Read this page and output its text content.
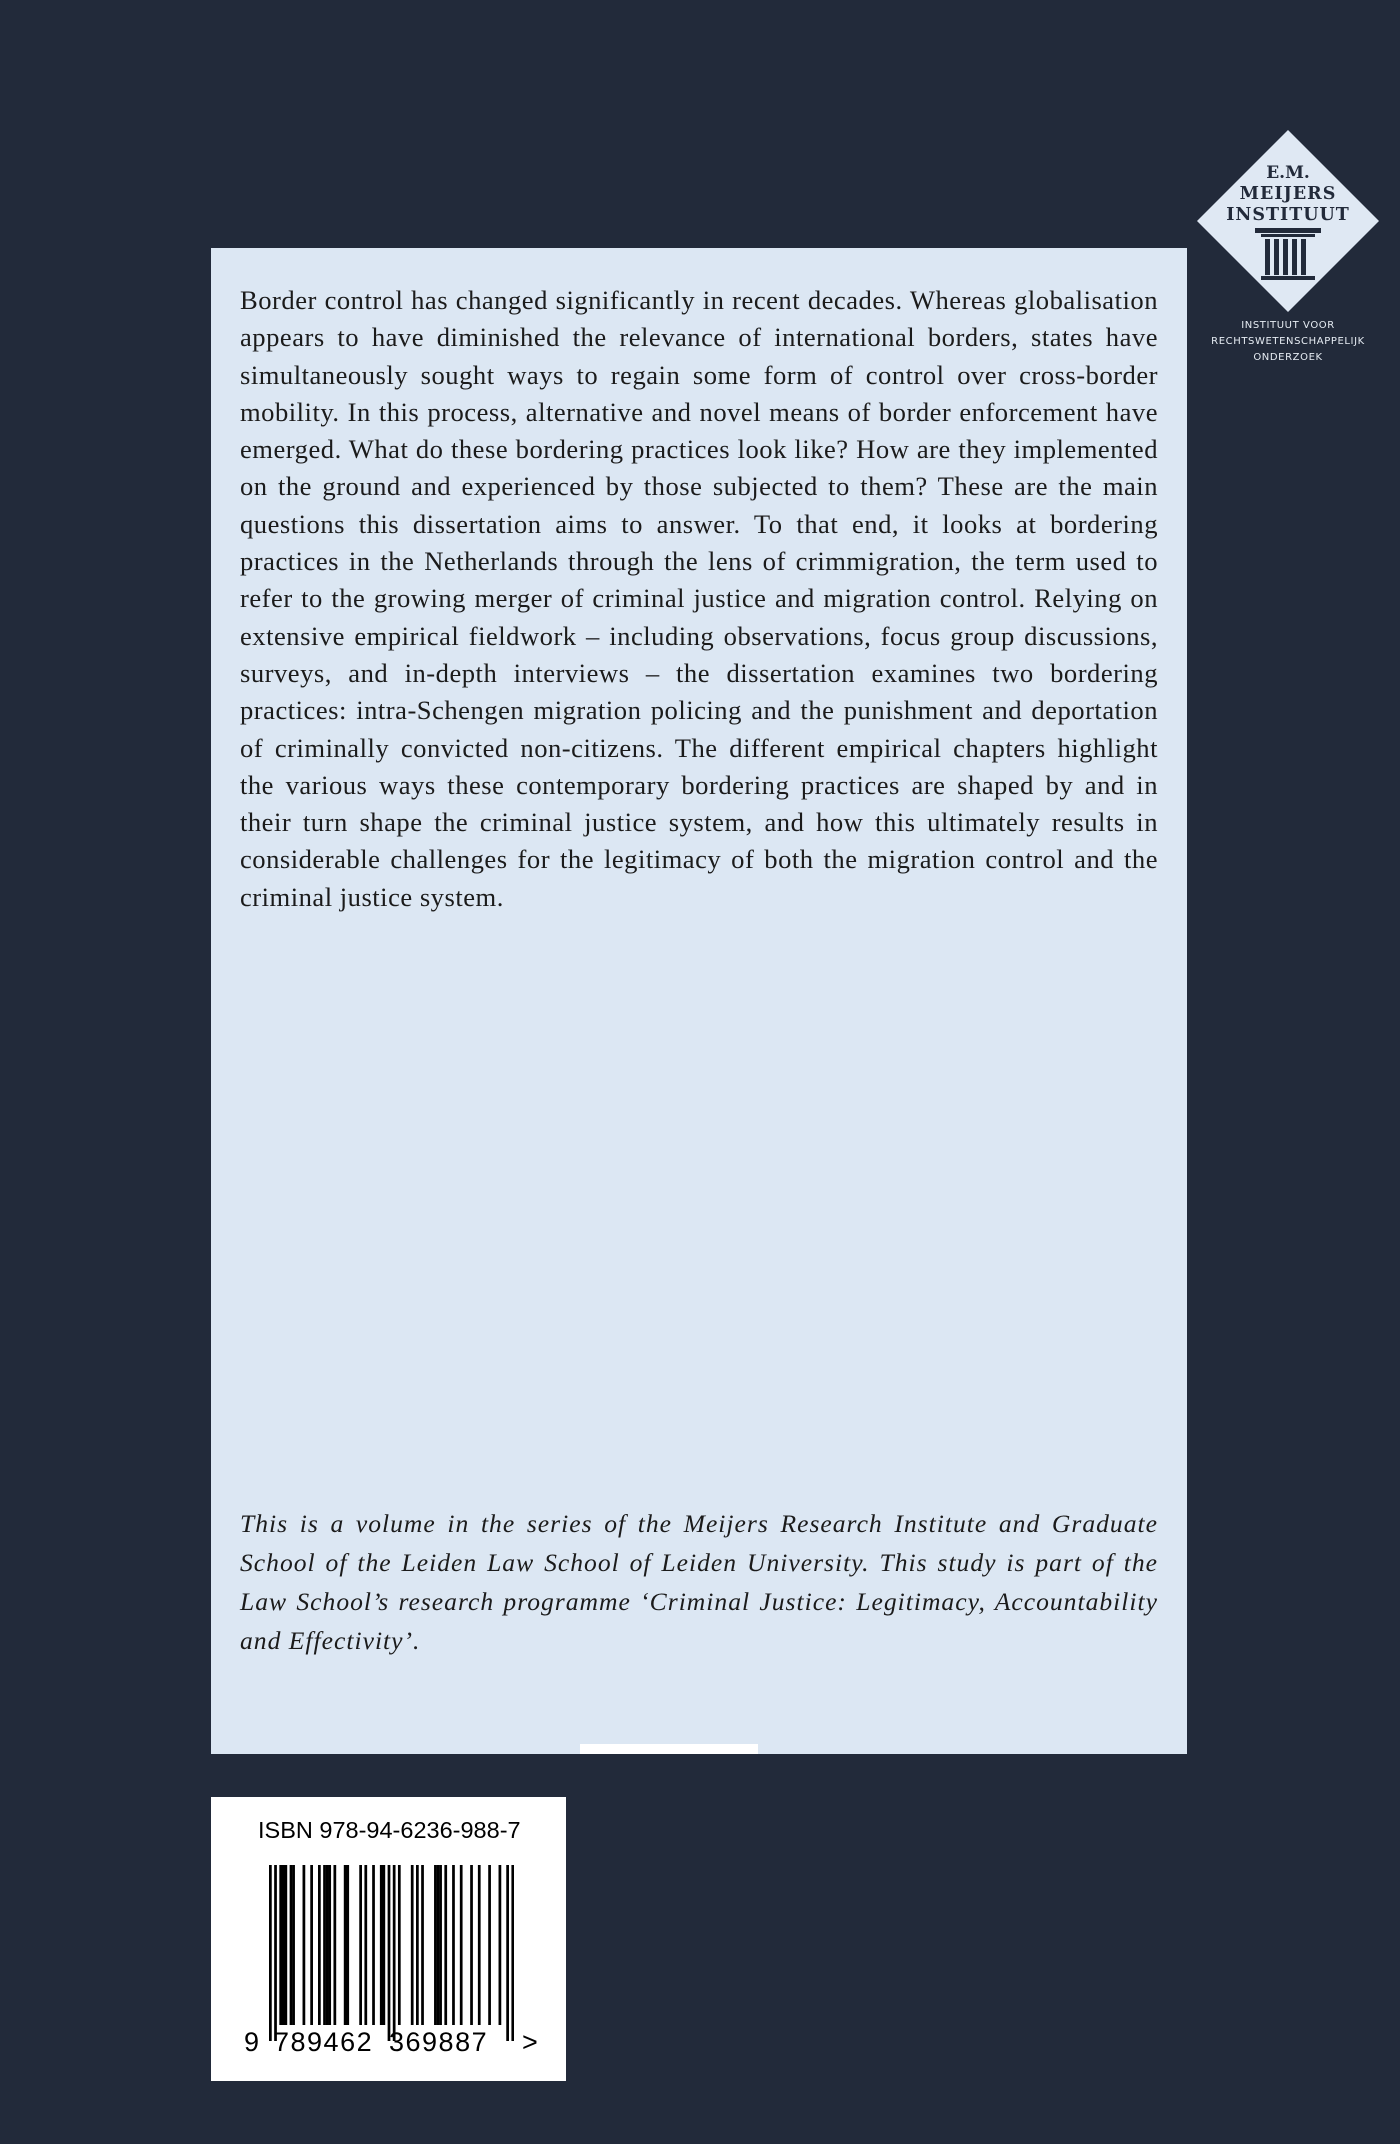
E.M.
MEIJERS
INSTITUUT
INSTITUUT VOOR
RECHTSWETENSCHAPPELIJK
ONDERZOEK

Border control has changed significantly in recent decades. Whereas globalisation appears to have diminished the relevance of international borders, states have simultaneously sought ways to regain some form of control over cross-border mobility. In this process, alternative and novel means of border enforcement have emerged. What do these bordering practices look like? How are they implemented on the ground and experienced by those subjected to them? These are the main questions this dissertation aims to answer. To that end, it looks at bordering practices in the Netherlands through the lens of crimmigration, the term used to refer to the growing merger of criminal justice and migration control. Relying on extensive empirical fieldwork – including observations, focus group discussions, surveys, and in-depth interviews – the dissertation examines two bordering practices: intra-Schengen migration policing and the punishment and deportation of criminally convicted non-citizens. The different empirical chapters highlight the various ways these contemporary bordering practices are shaped by and in their turn shape the criminal justice system, and how this ultimately results in considerable challenges for the legitimacy of both the migration control and the criminal justice system.

This is a volume in the series of the Meijers Research Institute and Graduate School of the Leiden Law School of Leiden University. This study is part of the Law School’s research programme ‘Criminal Justice: Legitimacy, Accountability and Effectivity’.

ISBN 978-94-6236-988-7
9 789462 369887 >
